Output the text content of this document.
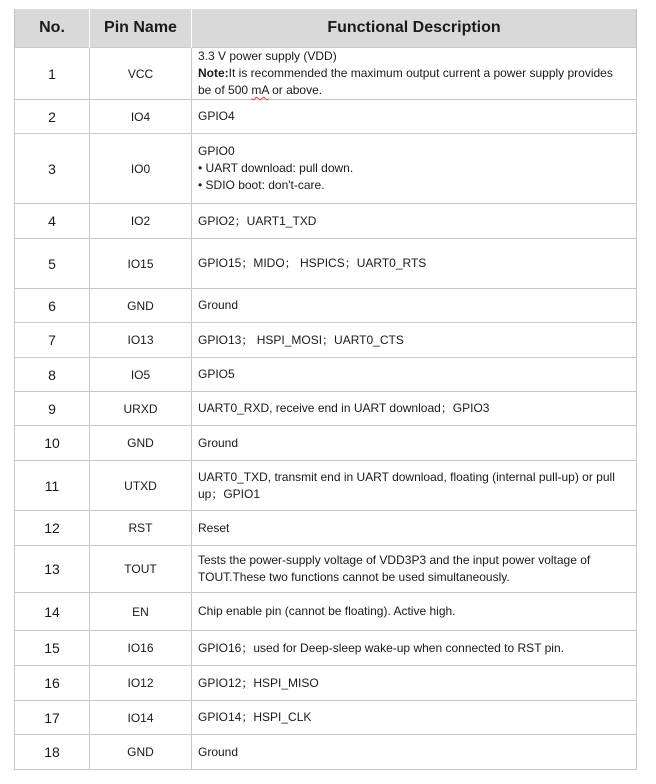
No.	Pin Name	Functional Description
1	VCC	3.3 V power supply (VDD)
Note:It is recommended the maximum output current a power supply provides be of 500 mA or above.
2	IO4	GPIO4
3	IO0	GPIO0
• UART download: pull down.
• SDIO boot: don't-care.

4	IO2	GPIO2；UART1_TXD
5	IO15	GPIO15；MIDO； HSPICS；UART0_RTS
6	GND	Ground
7	IO13	GPIO13； HSPI_MOSI；UART0_CTS
8	IO5	GPIO5
9	URXD	UART0_RXD, receive end in UART download；GPIO3
10	GND	Ground
11	UTXD	UART0_TXD, transmit end in UART download, floating (internal pull-up) or pull up；GPIO1
12	RST	Reset
13	TOUT	Tests the power-supply voltage of VDD3P3 and the input power voltage of TOUT.These two functions cannot be used simultaneously.
14	EN	Chip enable pin (cannot be floating). Active high.
15	IO16	GPIO16；used for Deep-sleep wake-up when connected to RST pin.
16	IO12	GPIO12；HSPI_MISO
17	IO14	GPIO14；HSPI_CLK
18	GND	Ground
